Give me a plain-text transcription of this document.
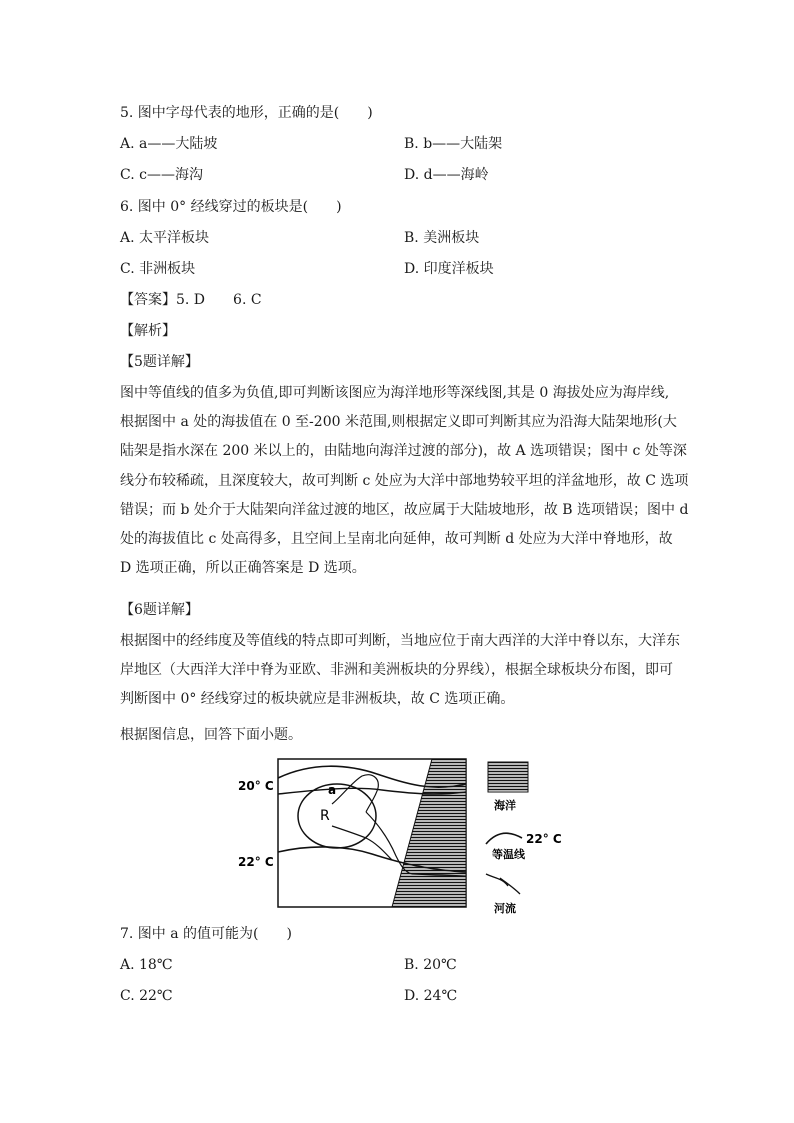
5. 图中字母代表的地形，正确的是(　　)
A. a——大陆坡	B. b——大陆架
C. c——海沟	D. d——海岭
6. 图中 0° 经线穿过的板块是(　　)
A. 太平洋板块	B. 美洲板块
C. 非洲板块	D. 印度洋板块
【答案】5. D　　6. C
【解析】
【5题详解】
图中等值线的值多为负值,即可判断该图应为海洋地形等深线图,其是 0 海拔处应为海岸线,
根据图中 a 处的海拔值在 0 至-200 米范围,则根据定义即可判断其应为沿海大陆架地形(大
陆架是指水深在 200 米以上的，由陆地向海洋过渡的部分)，故 A 选项错误；图中 c 处等深
线分布较稀疏，且深度较大，故可判断 c 处应为大洋中部地势较平坦的洋盆地形，故 C 选项
错误；而 b 处介于大陆架向洋盆过渡的地区，故应属于大陆坡地形，故 B 选项错误；图中 d
处的海拔值比 c 处高得多，且空间上呈南北向延伸，故可判断 d 处应为大洋中脊地形，故
D 选项正确，所以正确答案是 D 选项。
【6题详解】
根据图中的经纬度及等值线的特点即可判断，当地应位于南大西洋的大洋中脊以东，大洋东
岸地区（大西洋大洋中脊为亚欧、非洲和美洲板块的分界线），根据全球板块分布图，即可
判断图中 0° 经线穿过的板块就应是非洲板块，故 C 选项正确。
根据图信息，回答下面小题。
20° C
22° C
a
R
海洋
22° C
等温线
河流
7. 图中 a 的值可能为(　　)
A. 18℃	B. 20℃
C. 22℃	D. 24℃
